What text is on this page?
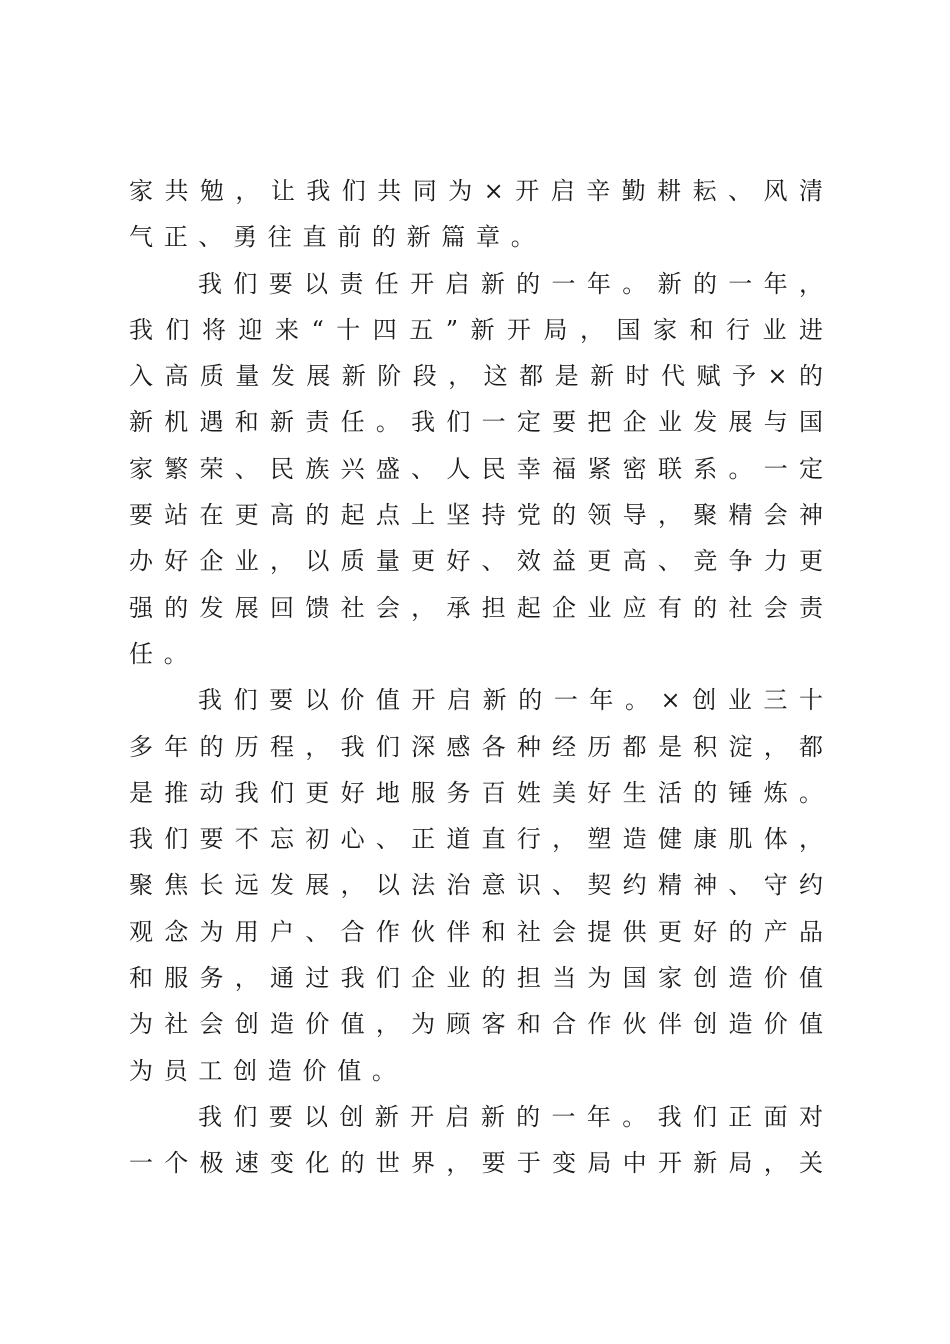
家共勉，让我们共同为×开启辛勤耕耘、风清
气正、勇往直前的新篇章。
我们要以责任开启新的一年。新的一年，
我们将迎来“十四五”新开局，国家和行业进
入高质量发展新阶段，这都是新时代赋予×的
新机遇和新责任。我们一定要把企业发展与国
家繁荣、民族兴盛、人民幸福紧密联系。一定
要站在更高的起点上坚持党的领导，聚精会神
办好企业，以质量更好、效益更高、竞争力更
强的发展回馈社会，承担起企业应有的社会责
任。
我们要以价值开启新的一年。×创业三十
多年的历程，我们深感各种经历都是积淀，都
是推动我们更好地服务百姓美好生活的锤炼。
我们要不忘初心、正道直行，塑造健康肌体，
聚焦长远发展，以法治意识、契约精神、守约
观念为用户、合作伙伴和社会提供更好的产品
和服务，通过我们企业的担当为国家创造价值
为社会创造价值，为顾客和合作伙伴创造价值
为员工创造价值。
我们要以创新开启新的一年。我们正面对
一个极速变化的世界，要于变局中开新局，关
